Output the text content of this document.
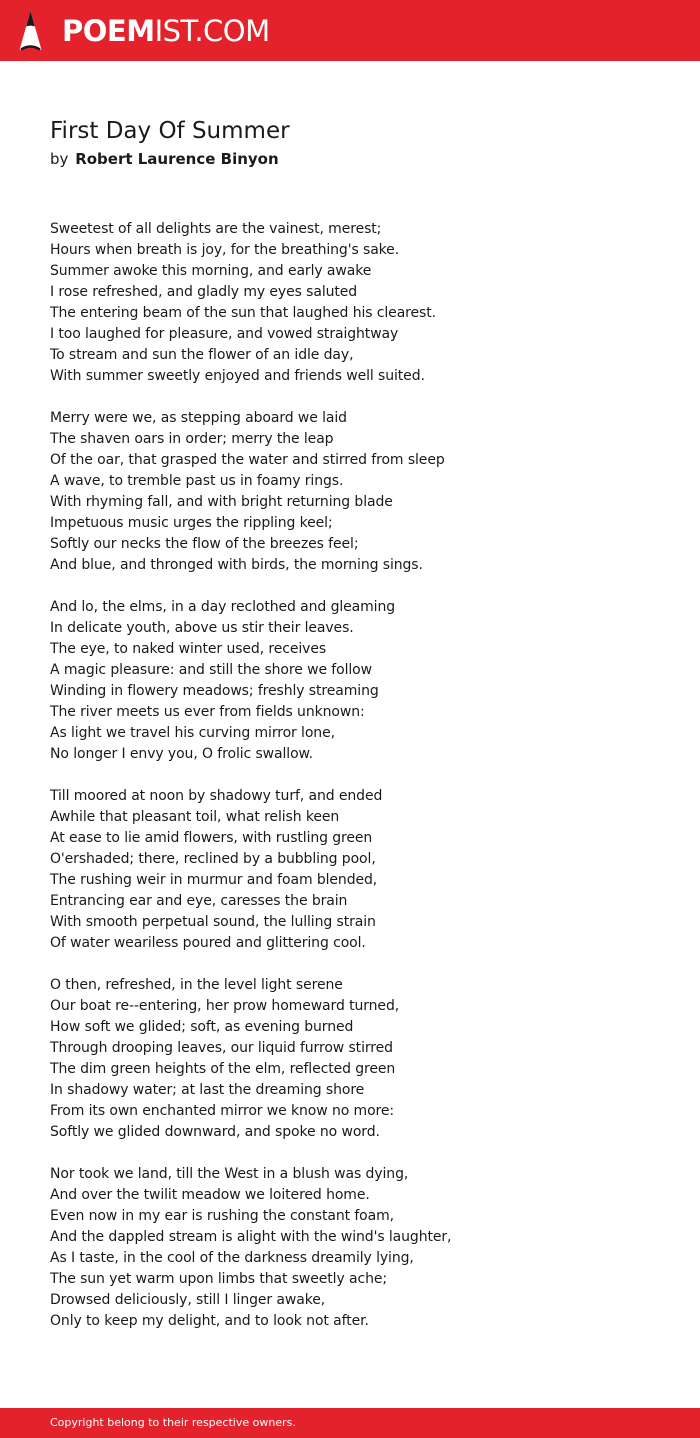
POEMIST.COM
First Day Of Summer
by Robert Laurence Binyon
Sweetest of all delights are the vainest, merest;
Hours when breath is joy, for the breathing's sake.
Summer awoke this morning, and early awake
I rose refreshed, and gladly my eyes saluted
The entering beam of the sun that laughed his clearest.
I too laughed for pleasure, and vowed straightway
To stream and sun the flower of an idle day,
With summer sweetly enjoyed and friends well suited.
Merry were we, as stepping aboard we laid
The shaven oars in order; merry the leap
Of the oar, that grasped the water and stirred from sleep
A wave, to tremble past us in foamy rings.
With rhyming fall, and with bright returning blade
Impetuous music urges the rippling keel;
Softly our necks the flow of the breezes feel;
And blue, and thronged with birds, the morning sings.
And lo, the elms, in a day reclothed and gleaming
In delicate youth, above us stir their leaves.
The eye, to naked winter used, receives
A magic pleasure: and still the shore we follow
Winding in flowery meadows; freshly streaming
The river meets us ever from fields unknown:
As light we travel his curving mirror lone,
No longer I envy you, O frolic swallow.
Till moored at noon by shadowy turf, and ended
Awhile that pleasant toil, what relish keen
At ease to lie amid flowers, with rustling green
O'ershaded; there, reclined by a bubbling pool,
The rushing weir in murmur and foam blended,
Entrancing ear and eye, caresses the brain
With smooth perpetual sound, the lulling strain
Of water weariless poured and glittering cool.
O then, refreshed, in the level light serene
Our boat re--entering, her prow homeward turned,
How soft we glided; soft, as evening burned
Through drooping leaves, our liquid furrow stirred
The dim green heights of the elm, reflected green
In shadowy water; at last the dreaming shore
From its own enchanted mirror we know no more:
Softly we glided downward, and spoke no word.
Nor took we land, till the West in a blush was dying,
And over the twilit meadow we loitered home.
Even now in my ear is rushing the constant foam,
And the dappled stream is alight with the wind's laughter,
As I taste, in the cool of the darkness dreamily lying,
The sun yet warm upon limbs that sweetly ache;
Drowsed deliciously, still I linger awake,
Only to keep my delight, and to look not after.
Copyright belong to their respective owners.
